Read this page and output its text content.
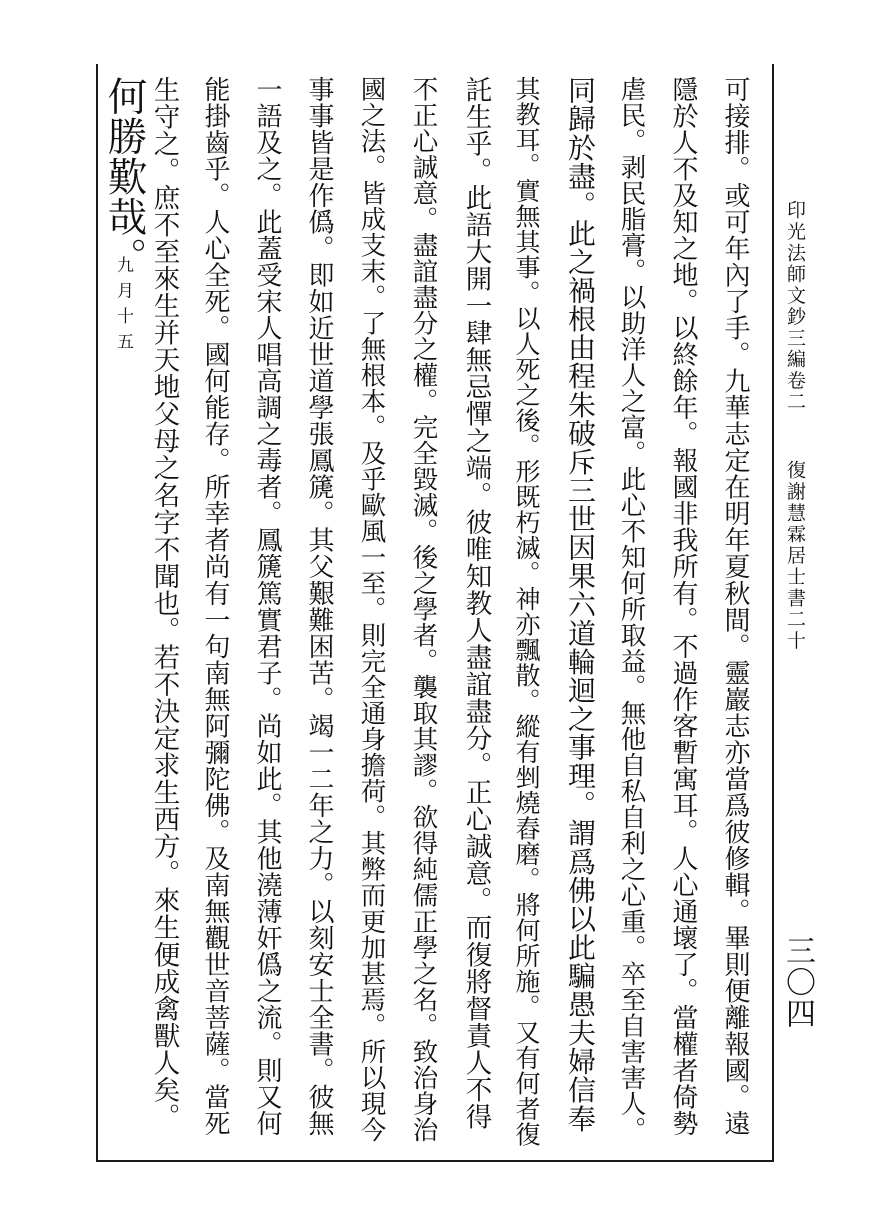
印光法師文鈔三編卷二
復謝慧霖居士書二十
三〇四
可接排。或可年內了手。九華志定在明年夏秋間。靈巖志亦當爲彼修輯。畢則便離報國。遠
隱於人不及知之地。以終餘年。報國非我所有。不過作客暫寓耳。人心通壞了。當權者倚勢
虐民。剥民脂膏。以助洋人之富。此心不知何所取益。無他自私自利之心重。卒至自害害人。
同歸於盡。此之禍根由程朱破斥三世因果六道輪迴之事理。謂爲佛以此騙愚夫婦信奉
其教耳。實無其事。以人死之後。形既朽滅。神亦飄散。縱有剉燒舂磨。將何所施。又有何者復
託生乎。此語大開一肆無忌憚之端。彼唯知教人盡誼盡分。正心誠意。而復將督責人不得
不正心誠意。盡誼盡分之權。完全毀滅。後之學者。襲取其謬。欲得純儒正學之名。致治身治
國之法。皆成支末。了無根本。及乎歐風一至。則完全通身擔荷。其弊而更加甚焉。所以現今
事事皆是作僞。即如近世道學張鳳篪。其父艱難困苦。竭一二年之力。以刻安士全書。彼無
一語及之。此蓋受宋人唱高調之毒者。鳳篪篤實君子。尚如此。其他澆薄奸僞之流。則又何
能掛齒乎。人心全死。國何能存。所幸者尚有一句南無阿彌陀佛。及南無觀世音菩薩。當死
生守之。庶不至來生并天地父母之名字不聞也。若不決定求生西方。來生便成禽獸人矣。
何勝歎哉。
九月十五
